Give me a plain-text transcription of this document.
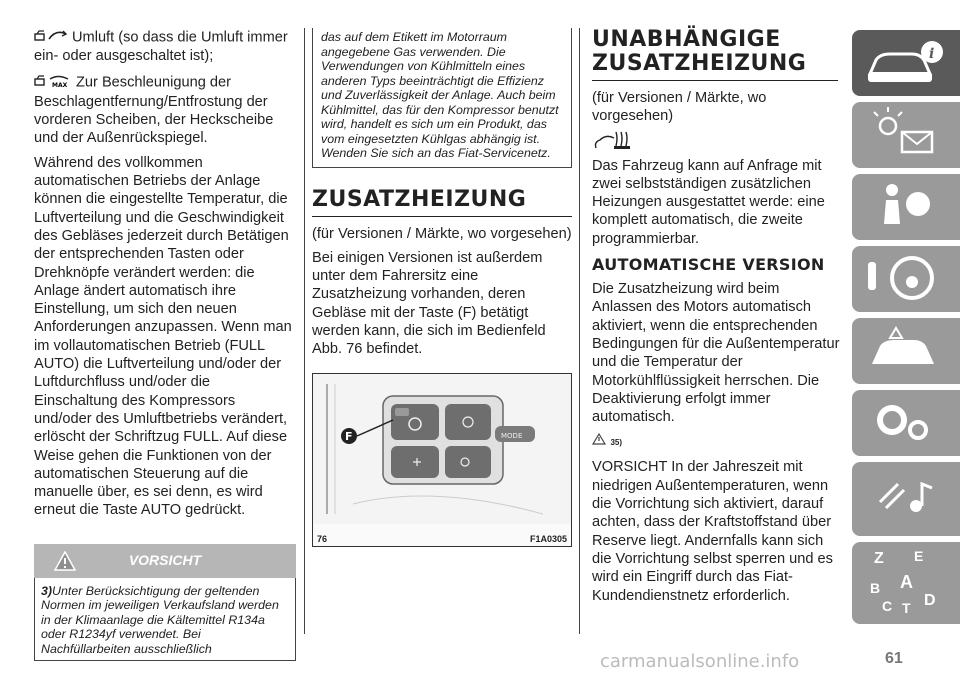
Umluft (so dass die Umluft immer ein- oder ausgeschaltet ist);

MAX Zur Beschleunigung der Beschlagentfernung/Entfrostung der vorderen Scheiben, der Heckscheibe und der Außenrückspiegel.

Während des vollkommen automatischen Betriebs der Anlage können die eingestellte Temperatur, die Luftverteilung und die Geschwindigkeit des Gebläses jederzeit durch Betätigen der entsprechenden Tasten oder Drehknöpfe verändert werden: die Anlage ändert automatisch ihre Einstellung, um sich den neuen Anforderungen anzupassen. Wenn man im vollautomatischen Betrieb (FULL AUTO) die Luftverteilung und/oder der Luftdurchfluss und/oder die Einschaltung des Kompressors und/oder des Umluftbetriebs verändert, erlöscht der Schriftzug FULL. Auf diese Weise gehen die Funktionen von der automatischen Steuerung auf die manuelle über, es sei denn, es wird erneut die Taste AUTO gedrückt.

VORSICHT

3)Unter Berücksichtigung der geltenden Normen im jeweiligen Verkaufsland werden in der Klimaanlage die Kältemittel R134a oder R1234yf verwendet. Bei Nachfüllarbeiten ausschließlich

das auf dem Etikett im Motorraum angegebene Gas verwenden. Die Verwendungen von Kühlmitteln eines anderen Typs beeinträchtigt die Effizienz und Zuverlässigkeit der Anlage. Auch beim Kühlmittel, das für den Kompressor benutzt wird, handelt es sich um ein Produkt, das vom eingesetzten Kühlgas abhängig ist. Wenden Sie sich an das Fiat-Servicenetz.

ZUSATZHEIZUNG

(für Versionen / Märkte, wo vorgesehen)

Bei einigen Versionen ist außerdem unter dem Fahrersitz eine Zusatzheizung vorhanden, deren Gebläse mit der Taste (F) betätigt werden kann, die sich im Bedienfeld Abb. 76 befindet.

MODE
F
76	F1A0305
UNABHÄNGIGE ZUSATZHEIZUNG

(für Versionen / Märkte, wo vorgesehen)

Das Fahrzeug kann auf Anfrage mit zwei selbstständigen zusätzlichen Heizungen ausgestattet werde: eine komplett automatisch, die zweite programmierbar.

AUTOMATISCHE VERSION

Die Zusatzheizung wird beim Anlassen des Motors automatisch aktiviert, wenn die entsprechenden Bedingungen für die Außentemperatur und die Temperatur der Motorkühlflüssigkeit herrschen. Die Deaktivierung erfolgt immer automatisch.

35)

VORSICHT In der Jahreszeit mit niedrigen Außentemperaturen, wenn die Vorrichtung sich aktiviert, darauf achten, dass der Kraftstoffstand über Reserve liegt. Andernfalls kann sich die Vorrichtung selbst sperren und es wird ein Eingriff durch das Fiat-Kundendienstnetz erforderlich.

i
Z E
A
B
C T D
carmanualsonline.info	61
